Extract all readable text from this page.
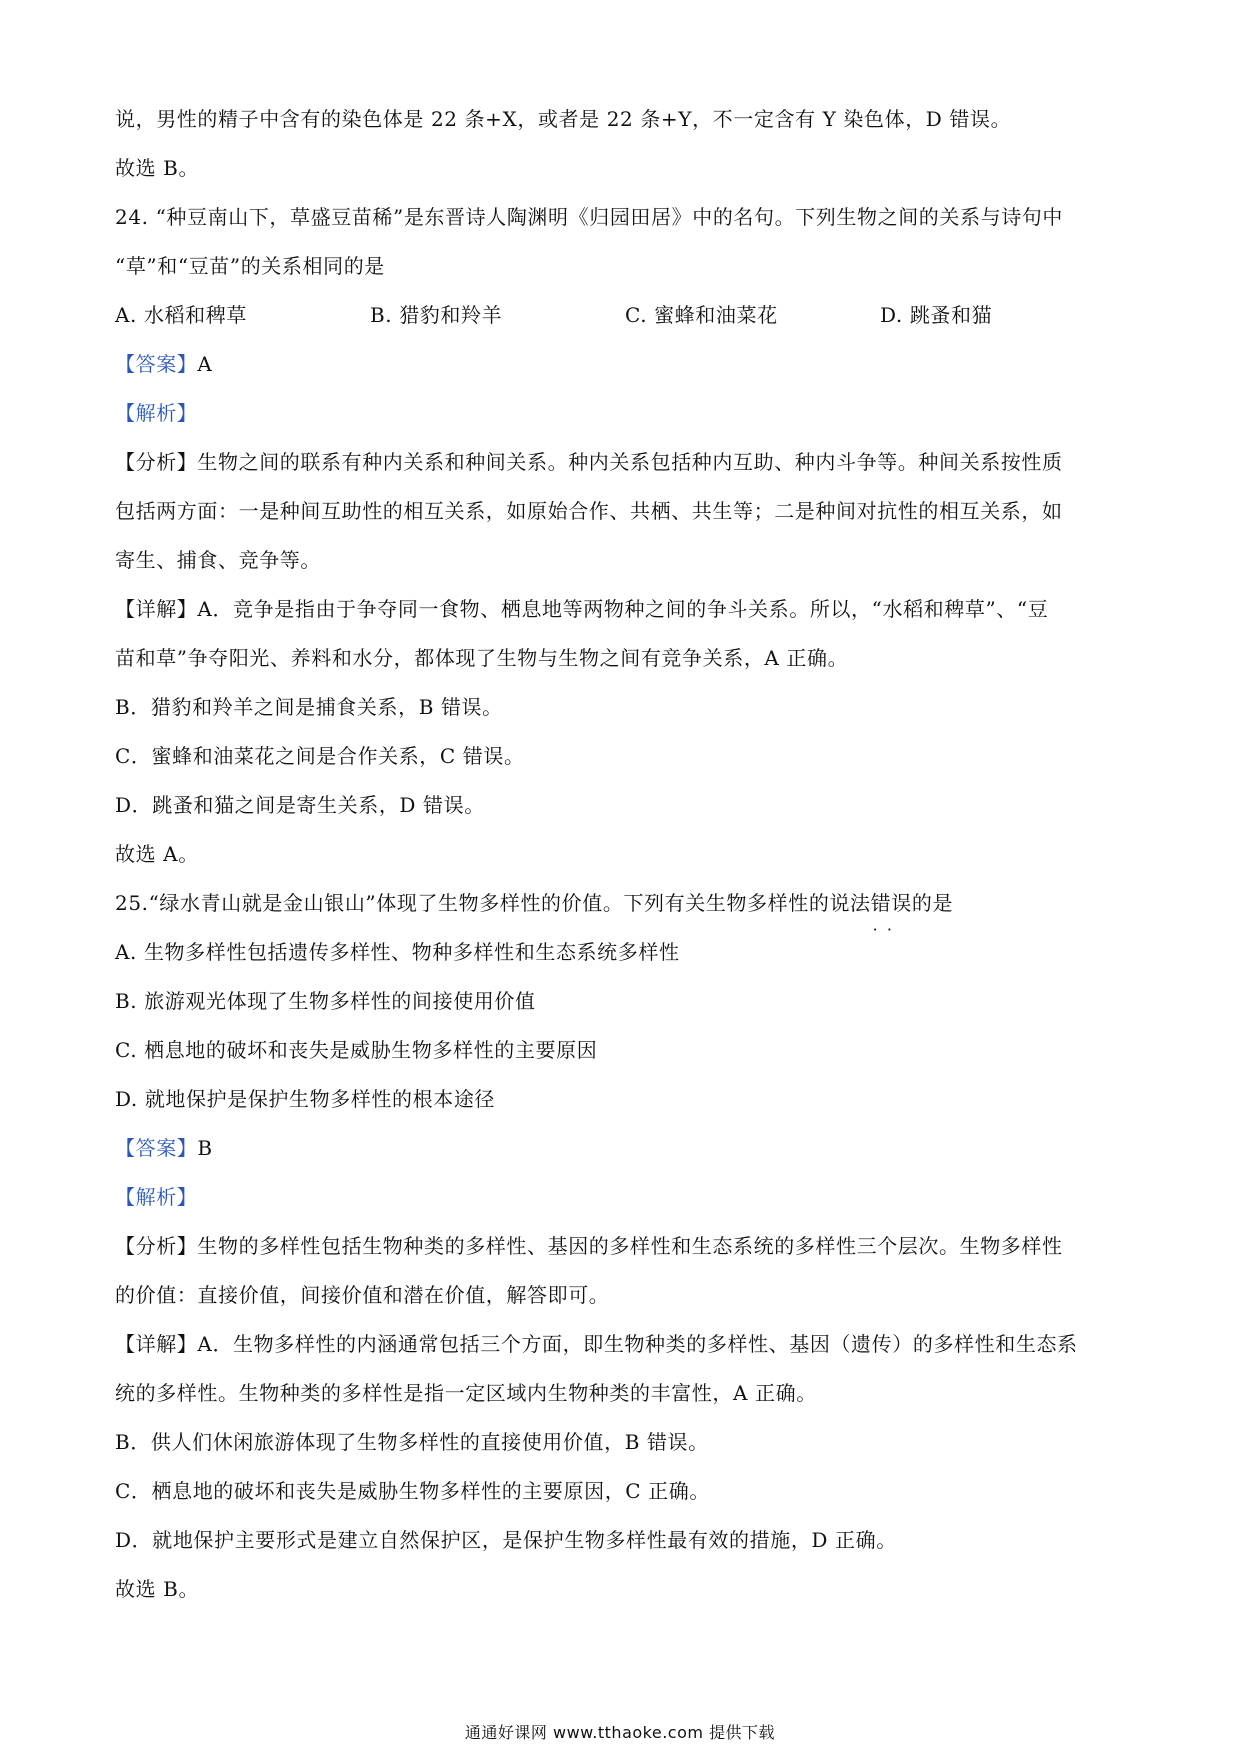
说，男性的精子中含有的染色体是 22 条+X，或者是 22 条+Y，不一定含有 Y 染色体，D 错误。
故选 B。
24. “种豆南山下，草盛豆苗稀”是东晋诗人陶渊明《归园田居》中的名句。下列生物之间的关系与诗句中
“草”和“豆苗”的关系相同的是
A. 水稻和稗草	B. 猎豹和羚羊	C. 蜜蜂和油菜花	D. 跳蚤和猫
【答案】A
【解析】
【分析】生物之间的联系有种内关系和种间关系。种内关系包括种内互助、种内斗争等。种间关系按性质
包括两方面：一是种间互助性的相互关系，如原始合作、共栖、共生等；二是种间对抗性的相互关系，如
寄生、捕食、竞争等。
【详解】A．竞争是指由于争夺同一食物、栖息地等两物种之间的争斗关系。所以，“水稻和稗草”、“豆
苗和草”争夺阳光、养料和水分，都体现了生物与生物之间有竞争关系，A 正确。
B．猎豹和羚羊之间是捕食关系，B 错误。
C．蜜蜂和油菜花之间是合作关系，C 错误。
D．跳蚤和猫之间是寄生关系，D 错误。
故选 A。
25.“绿水青山就是金山银山”体现了生物多样性的价值。下列有关生物多样性的说法错误 · ·的是
A. 生物多样性包括遗传多样性、物种多样性和生态系统多样性
B. 旅游观光体现了生物多样性的间接使用价值
C. 栖息地的破坏和丧失是威胁生物多样性的主要原因
D. 就地保护是保护生物多样性的根本途径
【答案】B
【解析】
【分析】生物的多样性包括生物种类的多样性、基因的多样性和生态系统的多样性三个层次。生物多样性
的价值：直接价值，间接价值和潜在价值，解答即可。
【详解】A．生物多样性的内涵通常包括三个方面，即生物种类的多样性、基因（遗传）的多样性和生态系
统的多样性。生物种类的多样性是指一定区域内生物种类的丰富性，A 正确。
B．供人们休闲旅游体现了生物多样性的直接使用价值，B 错误。
C．栖息地的破坏和丧失是威胁生物多样性的主要原因，C 正确。
D．就地保护主要形式是建立自然保护区，是保护生物多样性最有效的措施，D 正确。
故选 B。
通通好课网 www.tthaoke.com 提供下载
